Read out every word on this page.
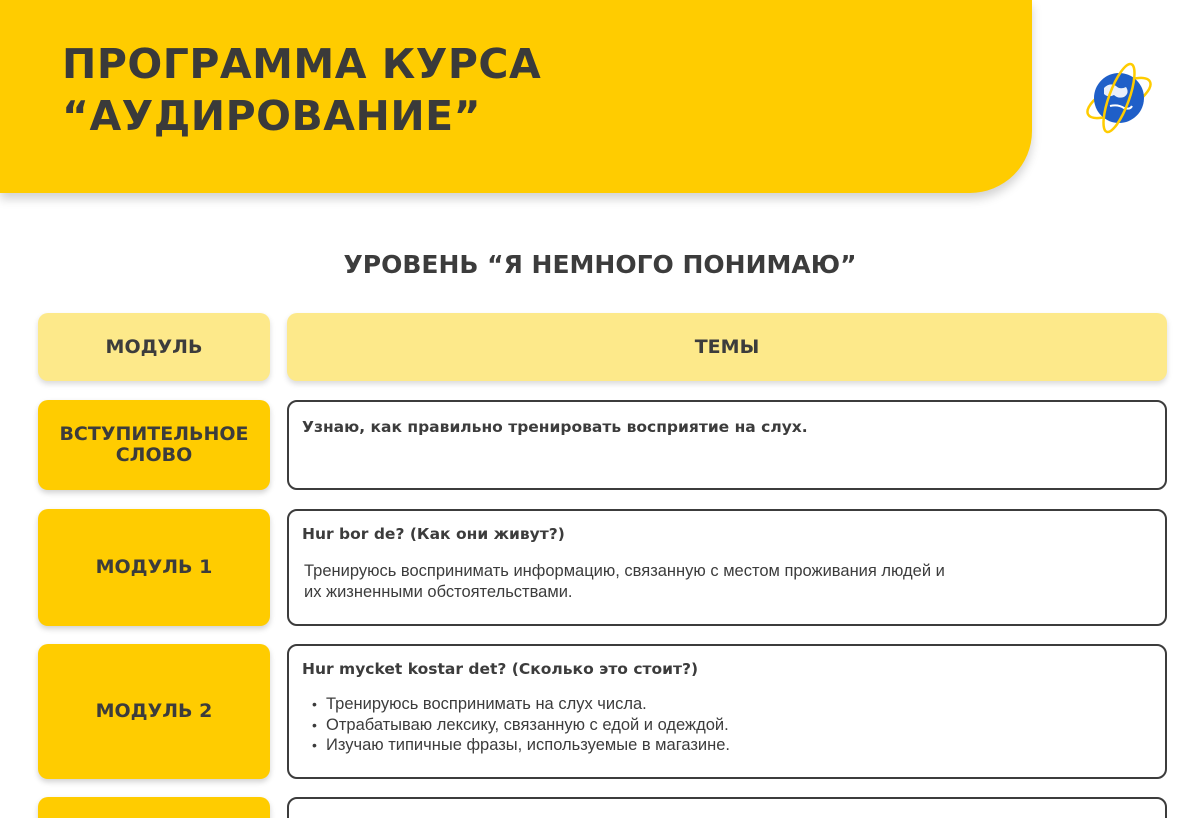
ПРОГРАММА КУРСА
“АУДИРОВАНИЕ”
УРОВЕНЬ “Я НЕМНОГО ПОНИМАЮ”
МОДУЛЬ	ТЕМЫ
ВСТУПИТЕЛЬНОЕ СЛОВО
Узнаю, как правильно тренировать восприятие на слух.
МОДУЛЬ 1
Hur bor de? (Как они живут?)
Тренируюсь воспринимать информацию, связанную с местом проживания людей и
их жизненными обстоятельствами.
МОДУЛЬ 2
Hur mycket kostar det? (Сколько это стоит?)
• Тренируюсь воспринимать на слух числа.
• Отрабатываю лексику, связанную с едой и одеждой.
• Изучаю типичные фразы, используемые в магазине.
